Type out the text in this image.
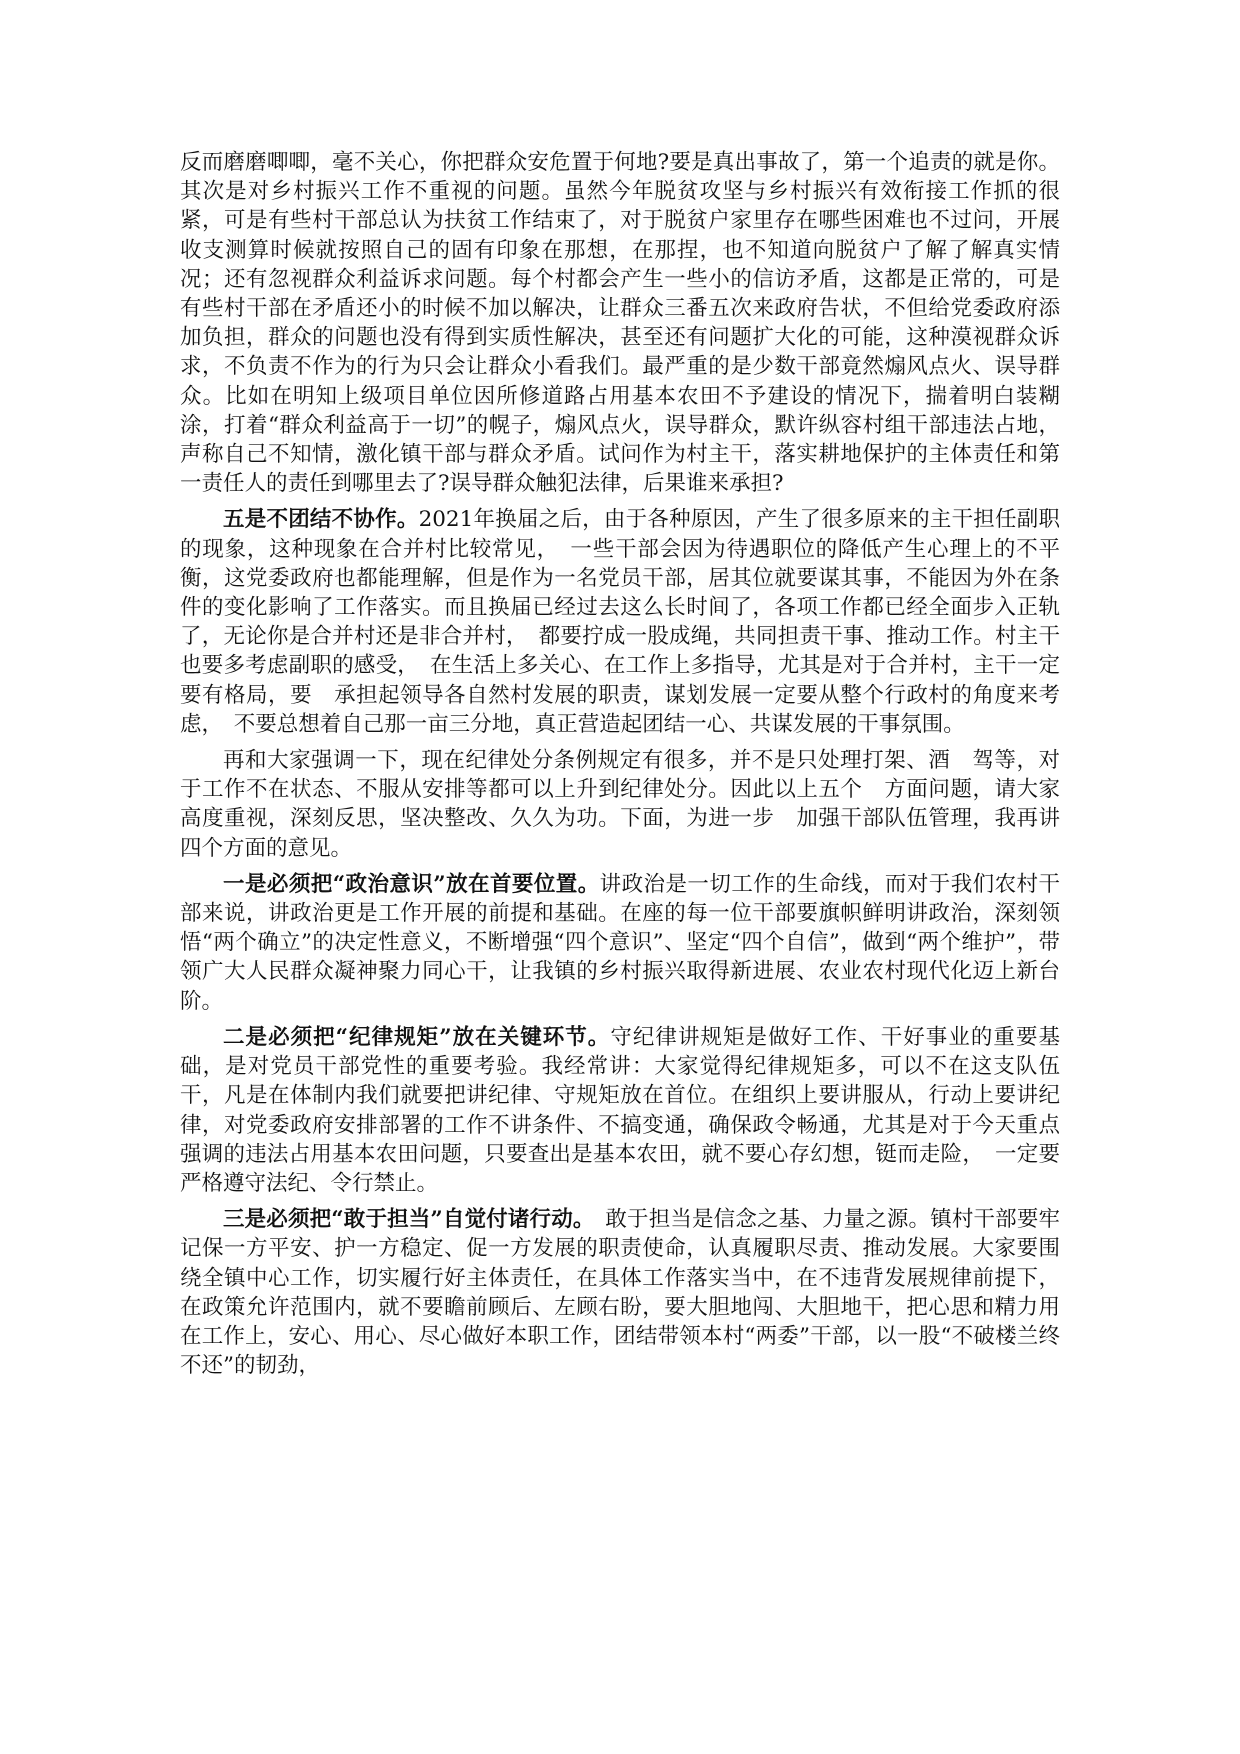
反而磨磨唧唧，毫不关心，你把群众安危置于何地?要是真出事故了，第一个追责的就是你。其次是对乡村振兴工作不重视的问题。虽然今年脱贫攻坚与乡村振兴有效衔接工作抓的很紧，可是有些村干部总认为扶贫工作结束了，对于脱贫户家里存在哪些困难也不过问，开展收支测算时候就按照自己的固有印象在那想，在那捏，也不知道向脱贫户了解了解真实情况；还有忽视群众利益诉求问题。每个村都会产生一些小的信访矛盾，这都是正常的，可是有些村干部在矛盾还小的时候不加以解决，让群众三番五次来政府告状，不但给党委政府添加负担，群众的问题也没有得到实质性解决，甚至还有问题扩大化的可能，这种漠视群众诉求，不负责不作为的行为只会让群众小看我们。最严重的是少数干部竟然煽风点火、误导群众。比如在明知上级项目单位因所修道路占用基本农田不予建设的情况下，揣着明白装糊涂，打着“群众利益高于一切”的幌子，煽风点火，误导群众，默许纵容村组干部违法占地，声称自己不知情，激化镇干部与群众矛盾。试问作为村主干，落实耕地保护的主体责任和第一责任人的责任到哪里去了?误导群众触犯法律，后果谁来承担?

五是不团结不协作。2021年换届之后，由于各种原因，产生了很多原来的主干担任副职的现象，这种现象在合并村比较常见，　一些干部会因为待遇职位的降低产生心理上的不平衡，这党委政府也都能理解，但是作为一名党员干部，居其位就要谋其事，不能因为外在条件的变化影响了工作落实。而且换届已经过去这么长时间了，各项工作都已经全面步入正轨了，无论你是合并村还是非合并村，　都要拧成一股成绳，共同担责干事、推动工作。村主干也要多考虑副职的感受，　在生活上多关心、在工作上多指导，尤其是对于合并村，主干一定要有格局，要　承担起领导各自然村发展的职责，谋划发展一定要从整个行政村的角度来考虑，　不要总想着自己那一亩三分地，真正营造起团结一心、共谋发展的干事氛围。

再和大家强调一下，现在纪律处分条例规定有很多，并不是只处理打架、酒　驾等，对于工作不在状态、不服从安排等都可以上升到纪律处分。因此以上五个　方面问题，请大家高度重视，深刻反思，坚决整改、久久为功。下面，为进一步　加强干部队伍管理，我再讲四个方面的意见。

一是必须把“政治意识”放在首要位置。讲政治是一切工作的生命线，而对于我们农村干部来说，讲政治更是工作开展的前提和基础。在座的每一位干部要旗帜鲜明讲政治，深刻领悟“两个确立”的决定性意义，不断增强“四个意识”、坚定“四个自信”，做到“两个维护”，带领广大人民群众凝神聚力同心干，让我镇的乡村振兴取得新进展、农业农村现代化迈上新台阶。

二是必须把“纪律规矩”放在关键环节。守纪律讲规矩是做好工作、干好事业的重要基础，是对党员干部党性的重要考验。我经常讲：大家觉得纪律规矩多，可以不在这支队伍干，凡是在体制内我们就要把讲纪律、守规矩放在首位。在组织上要讲服从，行动上要讲纪律，对党委政府安排部署的工作不讲条件、不搞变通，确保政令畅通，尤其是对于今天重点强调的违法占用基本农田问题，只要查出是基本农田，就不要心存幻想，铤而走险，　一定要严格遵守法纪、令行禁止。

三是必须把“敢于担当”自觉付诸行动。　敢于担当是信念之基、力量之源。镇村干部要牢记保一方平安、护一方稳定、促一方发展的职责使命，认真履职尽责、推动发展。大家要围绕全镇中心工作，切实履行好主体责任，在具体工作落实当中，在不违背发展规律前提下，在政策允许范围内，就不要瞻前顾后、左顾右盼，要大胆地闯、大胆地干，把心思和精力用在工作上，安心、用心、尽心做好本职工作，团结带领本村“两委”干部，以一股“不破楼兰终不还”的韧劲，
